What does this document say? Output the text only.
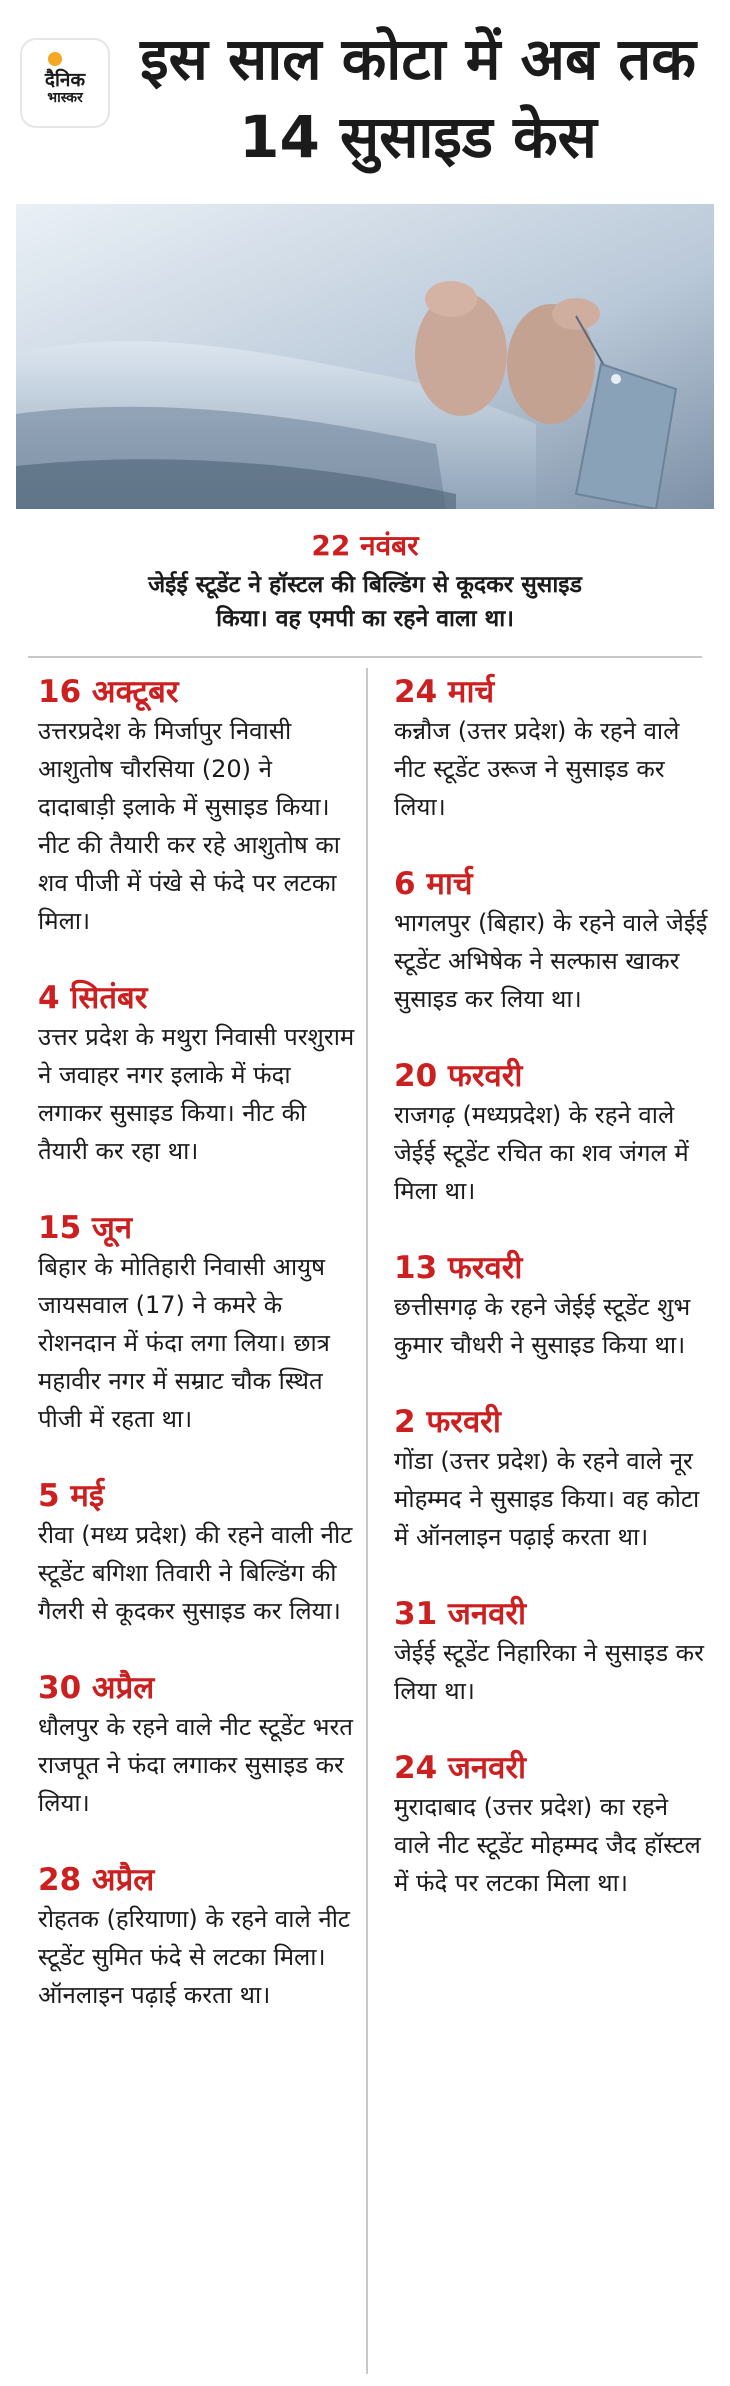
दैनिक
भास्कर
इस साल कोटा में अब तक 14 सुसाइड केस
22 नवंबर
जेईई स्टूडेंट ने हॉस्टल की बिल्डिंग से कूदकर सुसाइड किया। वह एमपी का रहने वाला था।
16 अक्टूबर
उत्तरप्रदेश के मिर्जापुर निवासी आशुतोष चौरसिया (20) ने दादाबाड़ी इलाके में सुसाइड किया। नीट की तैयारी कर रहे आशुतोष का शव पीजी में पंखे से फंदे पर लटका मिला।
4 सितंबर
उत्तर प्रदेश के मथुरा निवासी परशुराम ने जवाहर नगर इलाके में फंदा लगाकर सुसाइड किया। नीट की तैयारी कर रहा था।
15 जून
बिहार के मोतिहारी निवासी आयुष जायसवाल (17) ने कमरे के रोशनदान में फंदा लगा लिया। छात्र महावीर नगर में सम्राट चौक स्थित पीजी में रहता था।
5 मई
रीवा (मध्य प्रदेश) की रहने वाली नीट स्टूडेंट बगिशा तिवारी ने बिल्डिंग की गैलरी से कूदकर सुसाइड कर लिया।
30 अप्रैल
धौलपुर के रहने वाले नीट स्टूडेंट भरत राजपूत ने फंदा लगाकर सुसाइड कर लिया।
28 अप्रैल
रोहतक (हरियाणा) के रहने वाले नीट स्टूडेंट सुमित फंदे से लटका मिला। ऑनलाइन पढ़ाई करता था।
24 मार्च
कन्नौज (उत्तर प्रदेश) के रहने वाले नीट स्टूडेंट उरूज ने सुसाइड कर लिया।
6 मार्च
भागलपुर (बिहार) के रहने वाले जेईई स्टूडेंट अभिषेक ने सल्फास खाकर सुसाइड कर लिया था।
20 फरवरी
राजगढ़ (मध्यप्रदेश) के रहने वाले जेईई स्टूडेंट रचित का शव जंगल में मिला था।
13 फरवरी
छत्तीसगढ़ के रहने जेईई स्टूडेंट शुभ कुमार चौधरी ने सुसाइड किया था।
2 फरवरी
गोंडा (उत्तर प्रदेश) के रहने वाले नूर मोहम्मद ने सुसाइड किया। वह कोटा में ऑनलाइन पढ़ाई करता था।
31 जनवरी
जेईई स्टूडेंट निहारिका ने सुसाइड कर लिया था।
24 जनवरी
मुरादाबाद (उत्तर प्रदेश) का रहने वाले नीट स्टूडेंट मोहम्मद जैद हॉस्टल में फंदे पर लटका मिला था।
